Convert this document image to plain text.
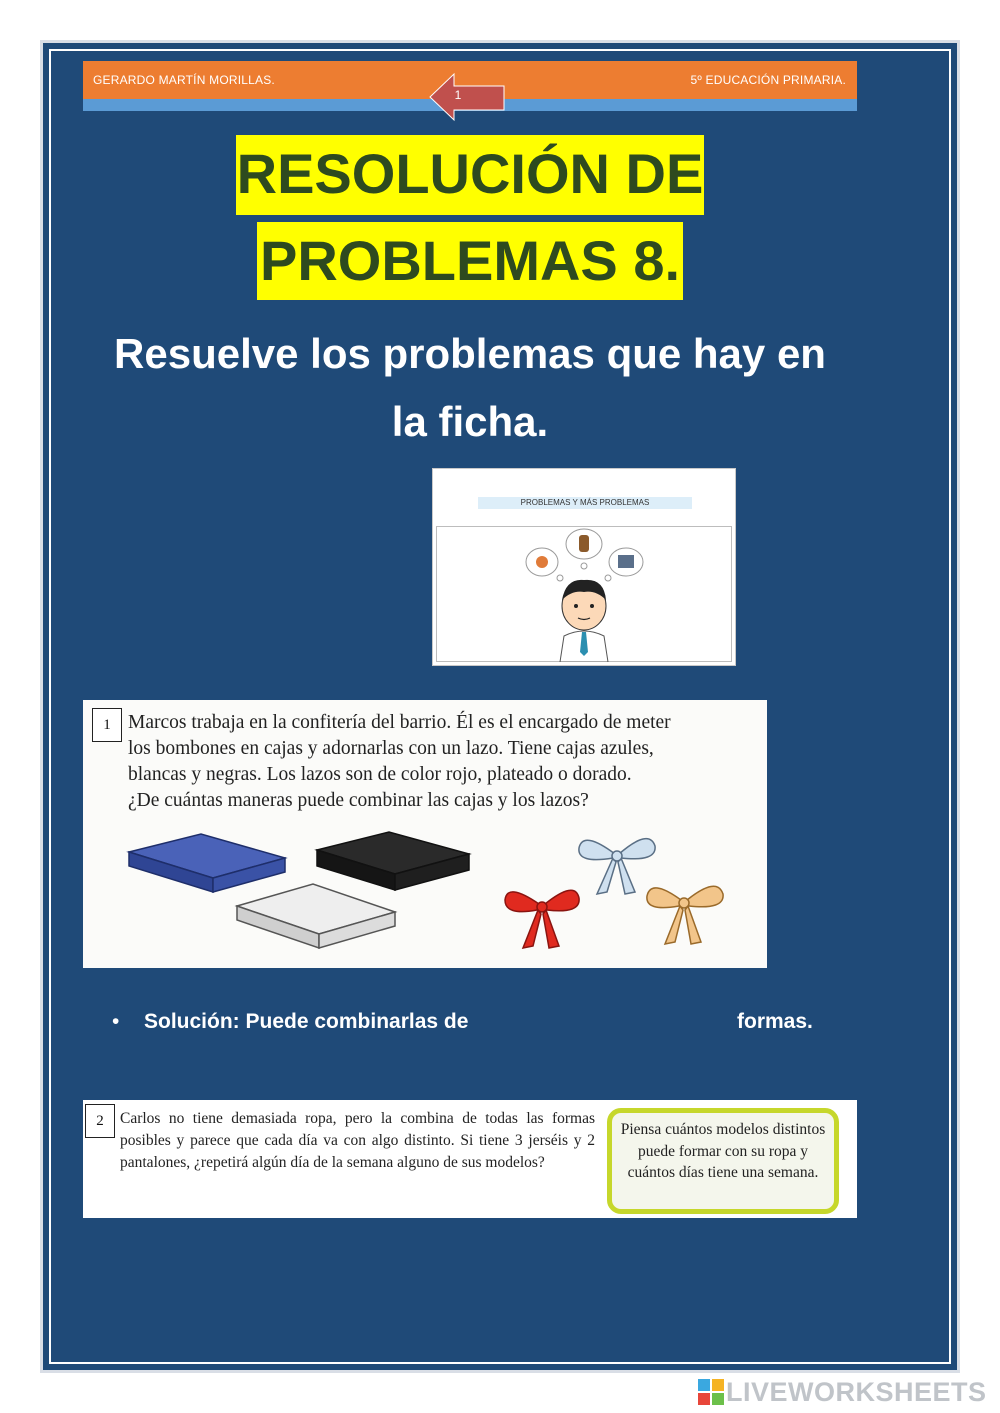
GERARDO MARTÍN MORILLAS.	5º EDUCACIÓN PRIMARIA.
1
RESOLUCIÓN DE
PROBLEMAS 8.
Resuelve los problemas que hay en
la ficha.
PROBLEMAS Y MÁS PROBLEMAS
1 Marcos trabaja en la confitería del barrio. Él es el encargado de meter
los bombones en cajas y adornarlas con un lazo. Tiene cajas azules,
blancas y negras. Los lazos son de color rojo, plateado o dorado.
¿De cuántas maneras puede combinar las cajas y los lazos?
• Solución: Puede combinarlas de	formas.
2	Carlos no tiene demasiada ropa, pero la combina de todas las formas posibles y parece que cada día va con algo distinto. Si tiene 3 jerséis y 2 pantalones, ¿repetirá algún día de la semana alguno de sus modelos?
Piensa cuántos modelos distintos puede formar con su ropa y cuántos días tiene una semana.
LIVEWORKSHEETS
